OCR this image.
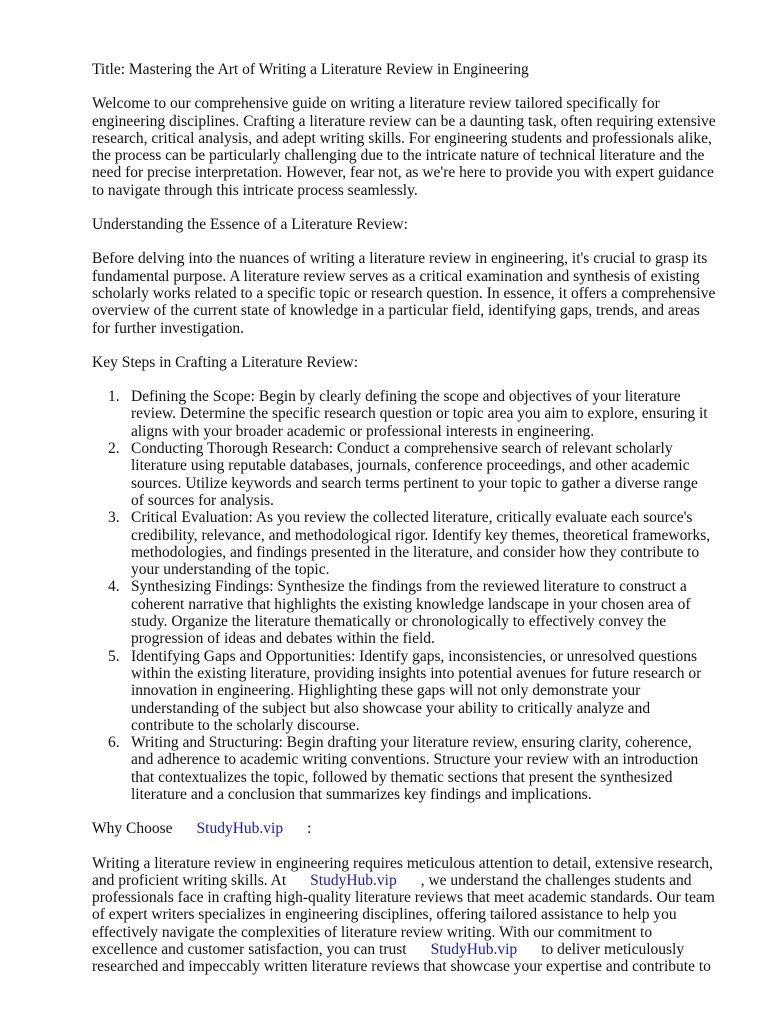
Title: Mastering the Art of Writing a Literature Review in Engineering
Welcome to our comprehensive guide on writing a literature review tailored specifically for
engineering disciplines. Crafting a literature review can be a daunting task, often requiring extensive
research, critical analysis, and adept writing skills. For engineering students and professionals alike,
the process can be particularly challenging due to the intricate nature of technical literature and the
need for precise interpretation. However, fear not, as we're here to provide you with expert guidance
to navigate through this intricate process seamlessly.
Understanding the Essence of a Literature Review:
Before delving into the nuances of writing a literature review in engineering, it's crucial to grasp its
fundamental purpose. A literature review serves as a critical examination and synthesis of existing
scholarly works related to a specific topic or research question. In essence, it offers a comprehensive
overview of the current state of knowledge in a particular field, identifying gaps, trends, and areas
for further investigation.
Key Steps in Crafting a Literature Review:
1. Defining the Scope: Begin by clearly defining the scope and objectives of your literature
review. Determine the specific research question or topic area you aim to explore, ensuring it
aligns with your broader academic or professional interests in engineering.
2. Conducting Thorough Research: Conduct a comprehensive search of relevant scholarly
literature using reputable databases, journals, conference proceedings, and other academic
sources. Utilize keywords and search terms pertinent to your topic to gather a diverse range
of sources for analysis.
3. Critical Evaluation: As you review the collected literature, critically evaluate each source's
credibility, relevance, and methodological rigor. Identify key themes, theoretical frameworks,
methodologies, and findings presented in the literature, and consider how they contribute to
your understanding of the topic.
4. Synthesizing Findings: Synthesize the findings from the reviewed literature to construct a
coherent narrative that highlights the existing knowledge landscape in your chosen area of
study. Organize the literature thematically or chronologically to effectively convey the
progression of ideas and debates within the field.
5. Identifying Gaps and Opportunities: Identify gaps, inconsistencies, or unresolved questions
within the existing literature, providing insights into potential avenues for future research or
innovation in engineering. Highlighting these gaps will not only demonstrate your
understanding of the subject but also showcase your ability to critically analyze and
contribute to the scholarly discourse.
6. Writing and Structuring: Begin drafting your literature review, ensuring clarity, coherence,
and adherence to academic writing conventions. Structure your review with an introduction
that contextualizes the topic, followed by thematic sections that present the synthesized
literature and a conclusion that summarizes key findings and implications.
Why Choose StudyHub.vip :
Writing a literature review in engineering requires meticulous attention to detail, extensive research,
and proficient writing skills. At StudyHub.vip , we understand the challenges students and
professionals face in crafting high-quality literature reviews that meet academic standards. Our team
of expert writers specializes in engineering disciplines, offering tailored assistance to help you
effectively navigate the complexities of literature review writing. With our commitment to
excellence and customer satisfaction, you can trust StudyHub.vip to deliver meticulously
researched and impeccably written literature reviews that showcase your expertise and contribute to
